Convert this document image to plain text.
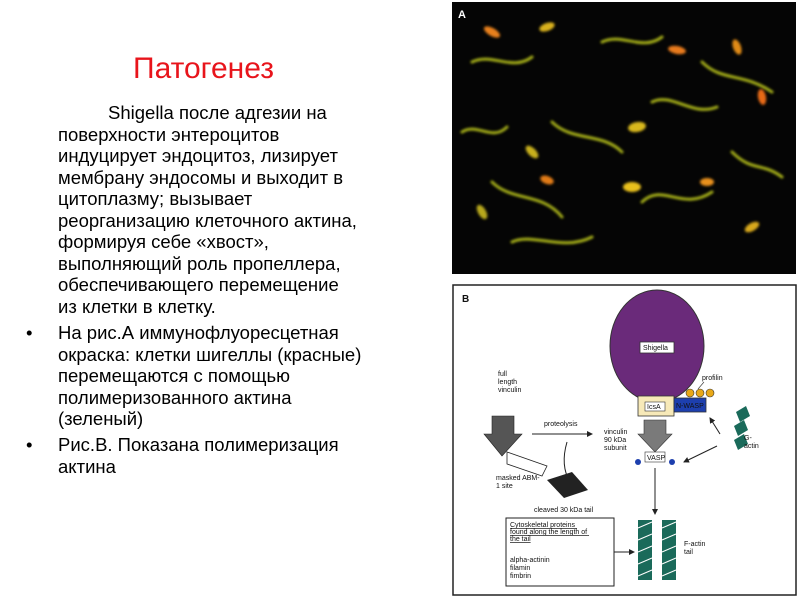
Патогенез
Shigella после адгезии на
поверхности энтероцитов
индуцирует эндоцитоз, лизирует
мембрану эндосомы и выходит в
цитоплазму; вызывает
реорганизацию клеточного актина,
формируя себе «хвост»,
выполняющий роль пропеллера,
обеспечивающего перемещение
из клетки в клетку.
• На рис.А иммунофлуоресцетная
окраска: клетки шигеллы (красные)
перемещаются с помощью
полимеризованного актина
(зеленый)
• Рис.В. Показана полимеризация
актина
A
B
Shigella
IcsA N-WASP
profilin
VASP
vinculin 90 kDa subunit
full length vinculin
masked ABM- 1 site
proteolysis
cleaved 30 kDa tail
G- actin
F-actin tail
Cytoskeletal proteins found along the length of the tail
alpha-actinin filamin fimbrin
